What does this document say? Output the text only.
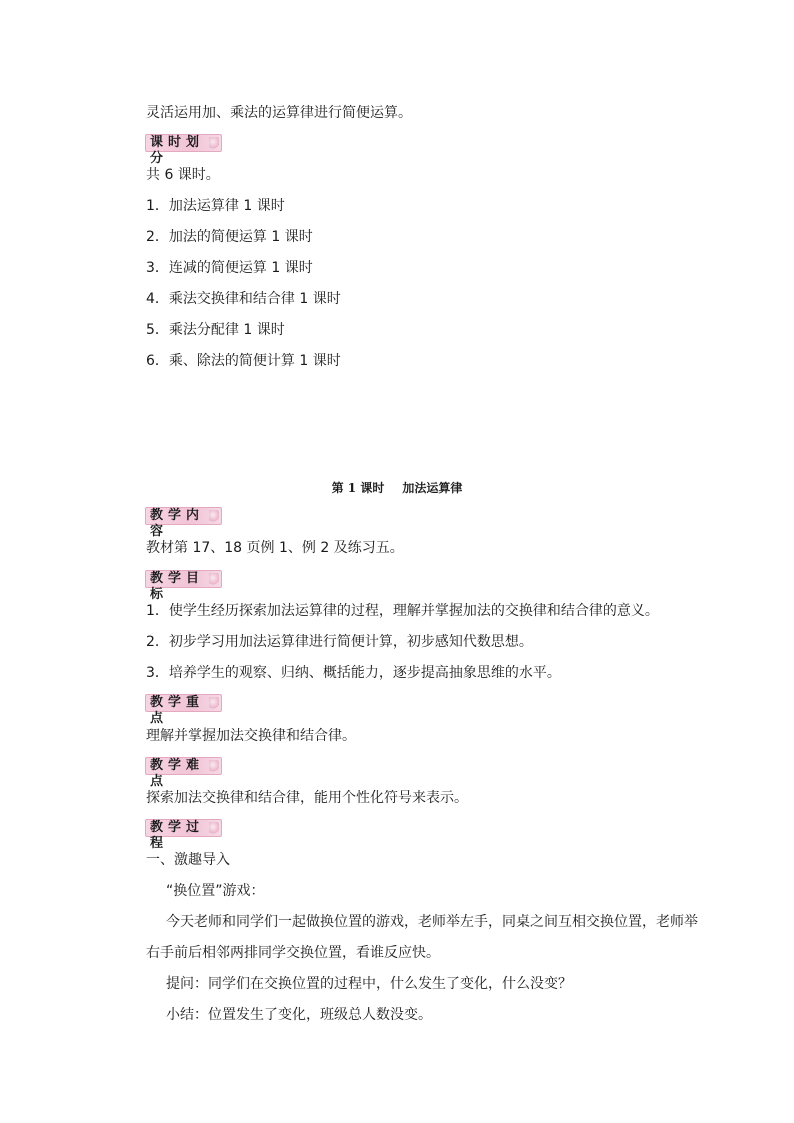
灵活运用加、乘法的运算律进行简便运算。
课时划分
共 6 课时。
1．加法运算律 1 课时
2．加法的简便运算 1 课时
3．连减的简便运算 1 课时
4．乘法交换律和结合律 1 课时
5．乘法分配律 1 课时
6．乘、除法的简便计算 1 课时
第 1 课时 加法运算律
教学内容
教材第 17、18 页例 1、例 2 及练习五。
教学目标
1．使学生经历探索加法运算律的过程，理解并掌握加法的交换律和结合律的意义。
2．初步学习用加法运算律进行简便计算，初步感知代数思想。
3．培养学生的观察、归纳、概括能力，逐步提高抽象思维的水平。
教学重点
理解并掌握加法交换律和结合律。
教学难点
探索加法交换律和结合律，能用个性化符号来表示。
教学过程
一、激趣导入
“换位置”游戏：
今天老师和同学们一起做换位置的游戏，老师举左手，同桌之间互相交换位置，老师举
右手前后相邻两排同学交换位置，看谁反应快。
提问：同学们在交换位置的过程中，什么发生了变化，什么没变？
小结：位置发生了变化，班级总人数没变。
